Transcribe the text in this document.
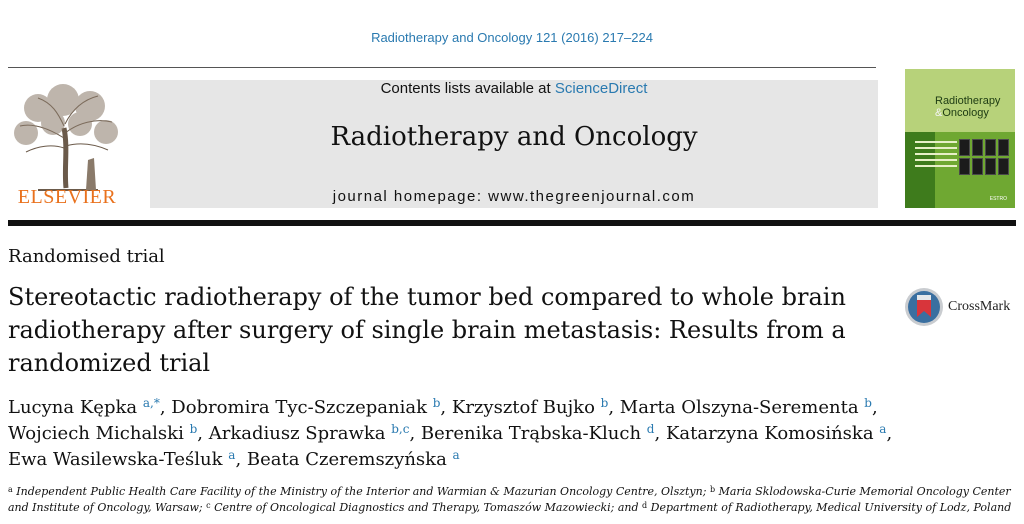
Radiotherapy and Oncology 121 (2016) 217–224
ELSEVIER
Contents lists available at ScienceDirect
Radiotherapy and Oncology
journal homepage: www.thegreenjournal.com
Radiotherapy
&Oncology
ESTRO
Randomised trial
Stereotactic radiotherapy of the tumor bed compared to whole brain
radiotherapy after surgery of single brain metastasis: Results from a
randomized trial
CrossMark
Lucyna Kępka $^{a,*}$, Dobromira Tyc-Szczepaniak $^b$, Krzysztof Bujko $^b$, Marta Olszyna-Serementa $^b$,
Wojciech Michalski $^b$, Arkadiusz Sprawka $^{b,c}$, Berenika Trąbska-Kluch $^d$, Katarzyna Komosińska $^a$,
Ewa Wasilewska-Teśluk $^a$, Beata Czeremszyńska $^a$
$^a$ Independent Public Health Care Facility of the Ministry of the Interior and Warmian & Mazurian Oncology Centre, Olsztyn; $^b$ Maria Sklodowska-Curie Memorial Oncology Center and Institute of Oncology, Warsaw; $^c$ Centre of Oncological Diagnostics and Therapy, Tomaszów Mazowiecki; and $^d$ Department of Radiotherapy, Medical University of Lodz, Poland
